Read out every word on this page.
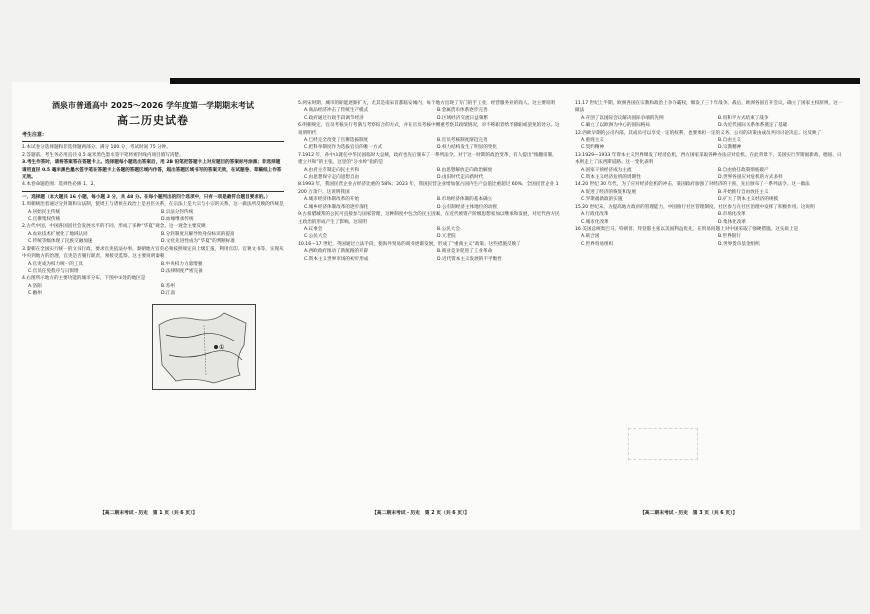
酒泉市普通高中 2025～2026 学年度第一学期期末考试
高二历史试卷
考生注意：
1.本试卷分选择题和非选择题两部分。满分 100 分，考试时间 75 分钟。
2.答题前，考生务必用直径 0.5 毫米黑色墨水签字笔将密封线内项目填写清楚。
3.考生作答时，请将答案答在答题卡上。选择题每小题选出答案后，用 2B 铅笔把答题卡上对应题目的答案标号涂黑；非选择题请用直径 0.5 毫米黑色墨水签字笔在答题卡上各题的答题区域内作答，超出答题区域书写的答案无效，在试题卷、草稿纸上作答无效。
4.本卷命题范围：选择性必修 1、2。
一、选择题（本大题共 16 小题，每小题 3 分，共 48 分。在每小题列出的四个选项中，只有一项是最符合题目要求的。）
1.周朝统治者通过分封制和宗法制，使周王与诸侯在政治上是君臣关系，在宗法上是大宗与小宗的关系。这一做法所反映的传统是
A.居始民主传统	B.宗法分封传统
C.官僚集权传统	D.血缘继承传统
2.古代中国，中国各国因社会发展水平的不同，形成了多种“华夏”观念。这一观念主要反映
A.农业技术扩展化了地域认同	B.分封制度瓦解导致身份标识的提高
C.传统等级体现了民族交融加速	D.文化先进性成为“华夏”的判断标准
3.秦朝在全国实行统一的文书行政，要求官吏依法办事。秦朝地方官吏必须按照规定向上级汇报，利用官印、官署文书等，实现从中央到地方的治理，官吏是否履行职责，须接受监察。这主要说明秦朝
A.官吏成为权力统一的工具	B.中央权力力量增强
C.官员任免程序与日俱增	D.法律制度严密完备
4.右图所示地方的主要功能的城市分布，下图中①处的地区是
A.洛阳	B.苏州
C.幽州	D.江南
①
5.两宋时期，城市的职能逐渐扩大，尤其是南宋首都临安城内，每个地方出现了专门的手工业，经营服务业的商人。这主要说明
A.商品经济冲击了传统生产模式	B.金属货币体系逐步完善
C.政府通过行政手段调节经济	D.区域经济交流日益频繁
6.明朝规定，官员考核实行考满与考察结合的方式，并在官员考核中侧重考察其政绩情况，对不称职者给予降职或罢免的处分。这说明明代
A.已经完全改变了官僚选拔制度	B.官员考核制度渐趋完善
C.把科举制度作为选拔官员的唯一方式	D.权力结构发生了明显的变化
7.1912 年，孙中山就任中华民国临时大总统，政府也先后颁布了一系列法令。对于这一时期的政治变革，有人提出“推翻帝制，建立共和”的主张。这里的“分水岭”指的是
A.由君主专制走向民主共和	B.由思想解放走向政治解放
C.由思想保守走向思想自由	D.由旧时代走向新时代
8.1993 年，我国民营企业占经济比重的 58%；2023 年，我国民营企业增加值占国内生产总值比重超过 60%，全国民营企业 1 200 万余户。这说明我国
A.城市经济体制改革的开始	B.市场经济体制的基本确立
C.城乡经济体制改革的逐步深化	D.公有制经济主体地位的动摇
9.古希腊城邦的公民可直接参与国家管理，这种制度中包含的民主因素，在近代被资产阶级思想家加以继承和发展，对近代西方民主政治的形成产生了影响。这说明
A.议事会	B.公民大会
C.公民大会	D.元老院
10.16—17 世纪，英国通过立法手段，使海外贸易的商业逐渐发展，形成了“重商主义”政策。这些措施反映了
A.西欧政府推动了新航路的开辟	B.商业竞争促进了工业革命
C.资本主义世界市场的初步形成	D.近代资本主义发展的不平衡性
11.17 世纪上半期，欧洲各国在宗教和政治上争夺霸权，爆发了三十年战争。战后，欧洲各国召开会议，确立了国家主权原则，这一做法
A.开创了以国际会议解决国际争端的先例	B.用和平方式结束了战争
C.确立了以欧洲为中心的国际格局	D.为近代国际关系体系奠定了基础
12.西欧早期的公司内部，其成员可以享受一定的权利，也要承担一定的义务，公司的决策由成员共同讨论决定。这反映了
A.重商主义	B.自由主义
C.契约精神	D.宗教精神
13.1929—1933 年资本主义世界爆发了经济危机，西方国家采取各种办法应对危机。在此背景下，美国实行罗斯福新政，德国、日本则走上了法西斯道路。这一变化表明
A.国家干预经济成为主流	B.自由放任政策彻底破产
C.资本主义经济危机的周期性	D.世界各国应对危机的方式多样
14.20 世纪 30 年代，为了应对经济危机的冲击，某国政府加强了对经济的干预，先后颁布了一系列法令。这一做法
A.促进了经济的恢复和发展	B.开始推行自由放任主义
C.罗斯福新政的实施	D.扩大了资本主义经济的规模
15.20 世纪末，为提高地方政府的管理能力，中国推行社区管理制度。社区参与在社区治理中发挥了积极作用。这说明
A.行政化改革	B.市场化改革
C.城市化改革	D.集体化改革
16.美国总统奥巴马、特朗普、拜登都主张以美国利益优先，在贸易问题上对中国采取了强硬措施。这实质上是
A.联合国	B.世界银行
C.世界贸易组织	D.世界货币基金组织
【高二期末考试・历史　第 1 页（共 6 页）】	【高二期末考试・历史　第 2 页（共 6 页）】	【高二期末考试・历史　第 3 页（共 6 页）】
